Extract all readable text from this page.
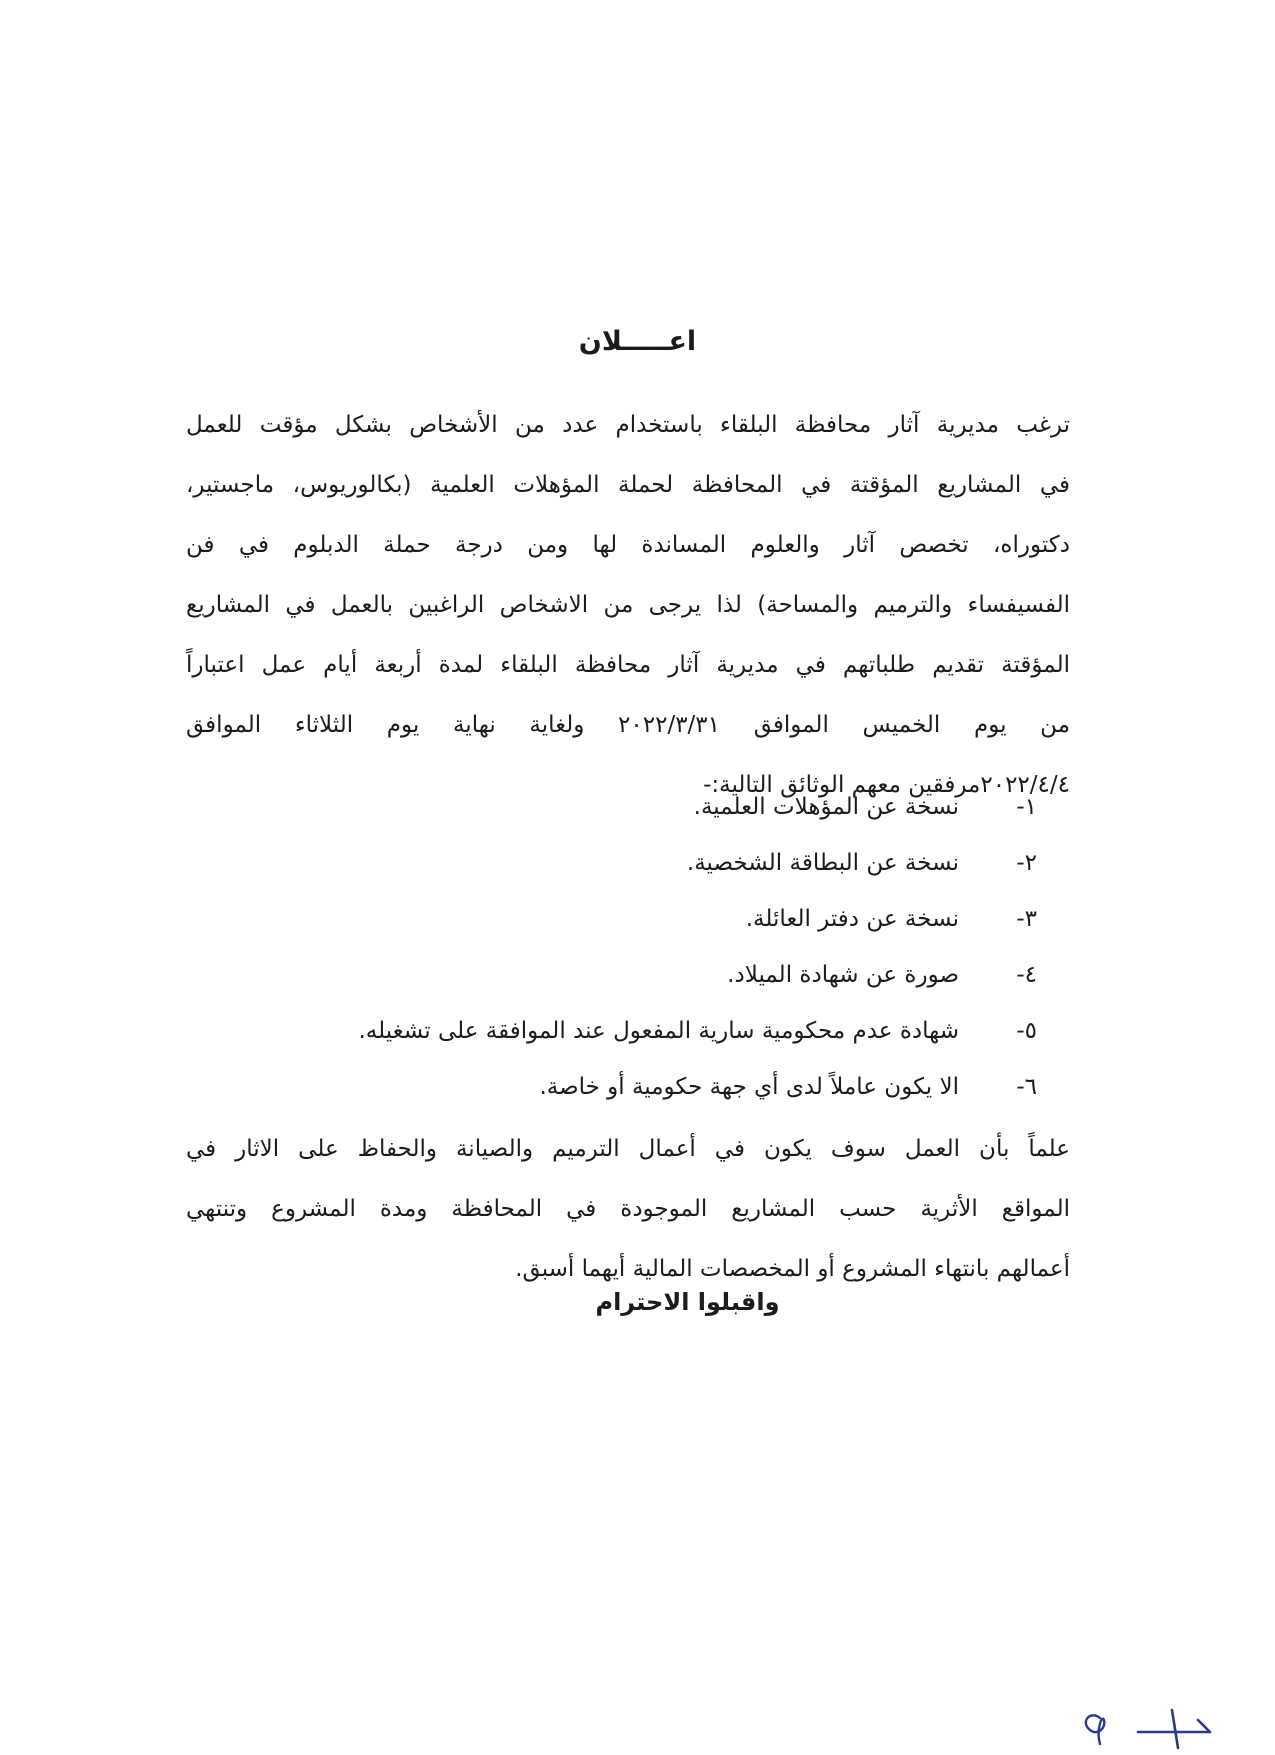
اعـــــلان
ترغب مديرية آثار محافظة البلقاء باستخدام عدد من الأشخاص بشكل مؤقت للعمل
في المشاريع المؤقتة في المحافظة لحملة المؤهلات العلمية (بكالوريوس، ماجستير،
دكتوراه، تخصص آثار والعلوم المساندة لها ومن درجة حملة الدبلوم في فن
الفسيفساء والترميم والمساحة) لذا يرجى من الاشخاص الراغبين بالعمل في المشاريع
المؤقتة تقديم طلباتهم في مديرية آثار محافظة البلقاء لمدة أربعة أيام عمل اعتباراً
من يوم الخميس الموافق ٢٠٢٢/٣/٣١ ولغاية نهاية يوم الثلاثاء الموافق
٢٠٢٢/٤/٤مرفقين معهم الوثائق التالية:-
١-
نسخة عن المؤهلات العلمية.
٢-
نسخة عن البطاقة الشخصية.
٣-
نسخة عن دفتر العائلة.
٤-
صورة عن شهادة الميلاد.
٥-
شهادة عدم محكومية سارية المفعول عند الموافقة على تشغيله.
٦-
الا يكون عاملاً لدى أي جهة حكومية أو خاصة.
علماً بأن العمل سوف يكون في أعمال الترميم والصيانة والحفاظ على الاثار في
المواقع الأثرية حسب المشاريع الموجودة في المحافظة ومدة المشروع وتنتهي
أعمالهم بانتهاء المشروع أو المخصصات المالية أيهما أسبق.
واقبلوا الاحترام
